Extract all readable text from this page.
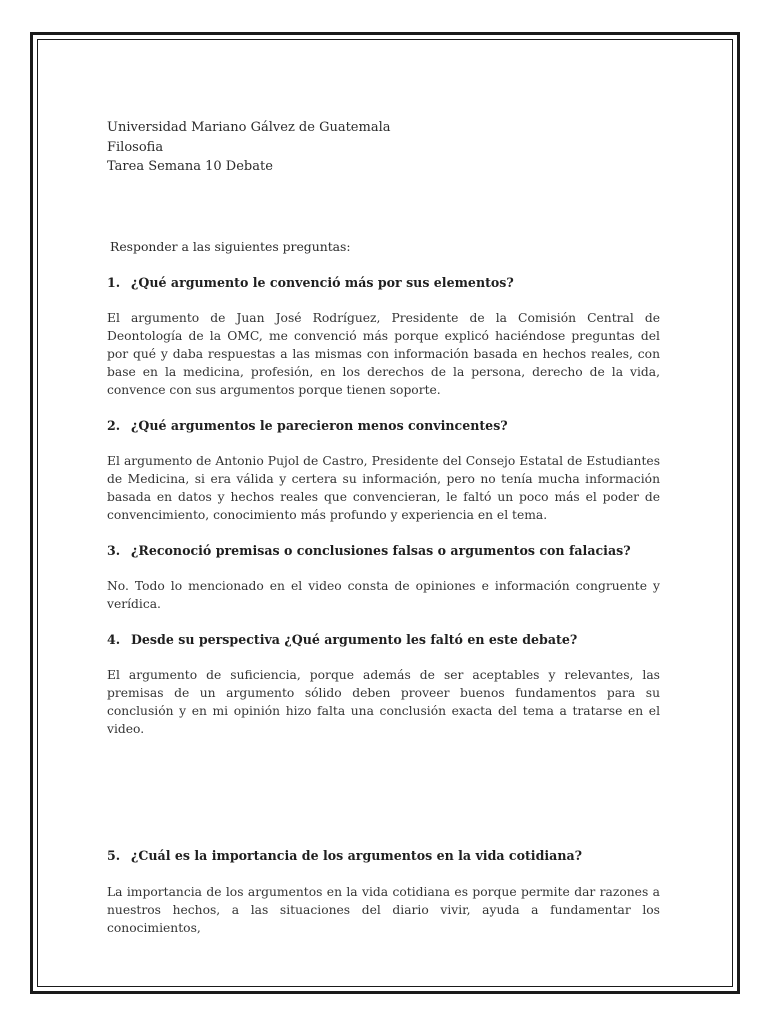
Universidad Mariano Gálvez de Guatemala
Filosofia
Tarea Semana 10 Debate
Responder a las siguientes preguntas:
1. ¿Qué argumento le convenció más por sus elementos?
El argumento de Juan José Rodríguez, Presidente de la Comisión Central de Deontología de la OMC, me convenció más porque explicó haciéndose preguntas del por qué y daba respuestas a las mismas con información basada en hechos reales, con base en la medicina, profesión, en los derechos de la persona, derecho de la vida, convence con sus argumentos porque tienen soporte.
2. ¿Qué argumentos le parecieron menos convincentes?
El argumento de Antonio Pujol de Castro, Presidente del Consejo Estatal de Estudiantes de Medicina, si era válida y certera su información, pero no tenía mucha información basada en datos y hechos reales que convencieran, le faltó un poco más el poder de convencimiento, conocimiento más profundo y experiencia en el tema.
3. ¿Reconoció premisas o conclusiones falsas o argumentos con falacias?
No. Todo lo mencionado en el video consta de opiniones e información congruente y verídica.
4. Desde su perspectiva ¿Qué argumento les faltó en este debate?
El argumento de suficiencia, porque además de ser aceptables y relevantes, las premisas de un argumento sólido deben proveer buenos fundamentos para su conclusión y en mi opinión hizo falta una conclusión exacta del tema a tratarse en el video.
5. ¿Cuál es la importancia de los argumentos en la vida cotidiana?
La importancia de los argumentos en la vida cotidiana es porque permite dar razones a nuestros hechos, a las situaciones del diario vivir, ayuda a fundamentar los conocimientos,
